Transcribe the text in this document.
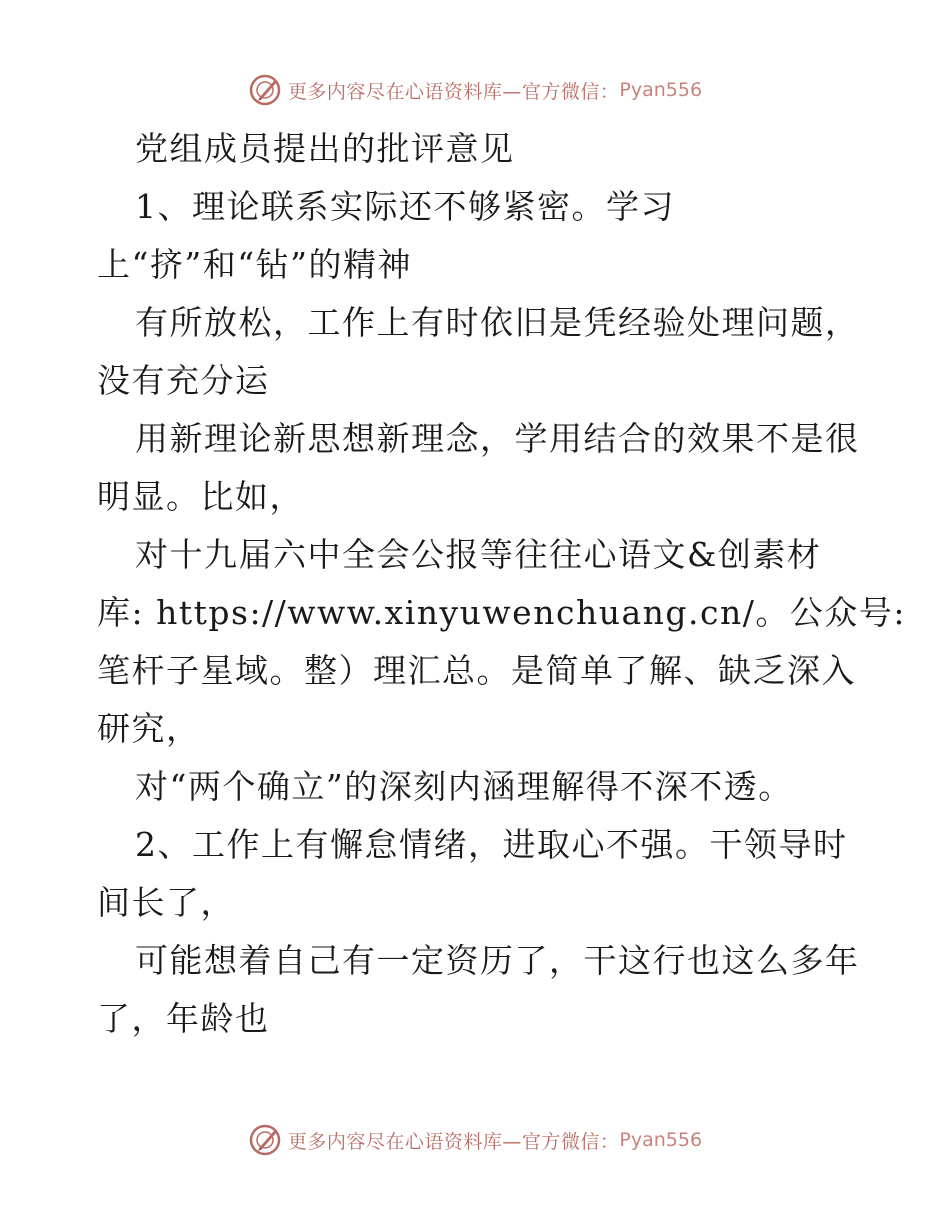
更多内容尽在心语资料库—官方微信： Pyan556
党组成员提出的批评意见
1、理论联系实际还不够紧密。学习
上“挤”和“钻”的精神
有所放松，工作上有时依旧是凭经验处理问题，
没有充分运
用新理论新思想新理念，学用结合的效果不是很
明显。比如，
对十九届六中全会公报等往往心语文&创素材
库: https://www.xinyuwenchuang.cn/。公众号:
笔杆子星域。整）理汇总。是简单了解、缺乏深入
研究，
对“两个确立”的深刻内涵理解得不深不透。
2、工作上有懈怠情绪，进取心不强。干领导时
间长了，
可能想着自己有一定资历了，干这行也这么多年
了，年龄也
更多内容尽在心语资料库—官方微信： Pyan556
